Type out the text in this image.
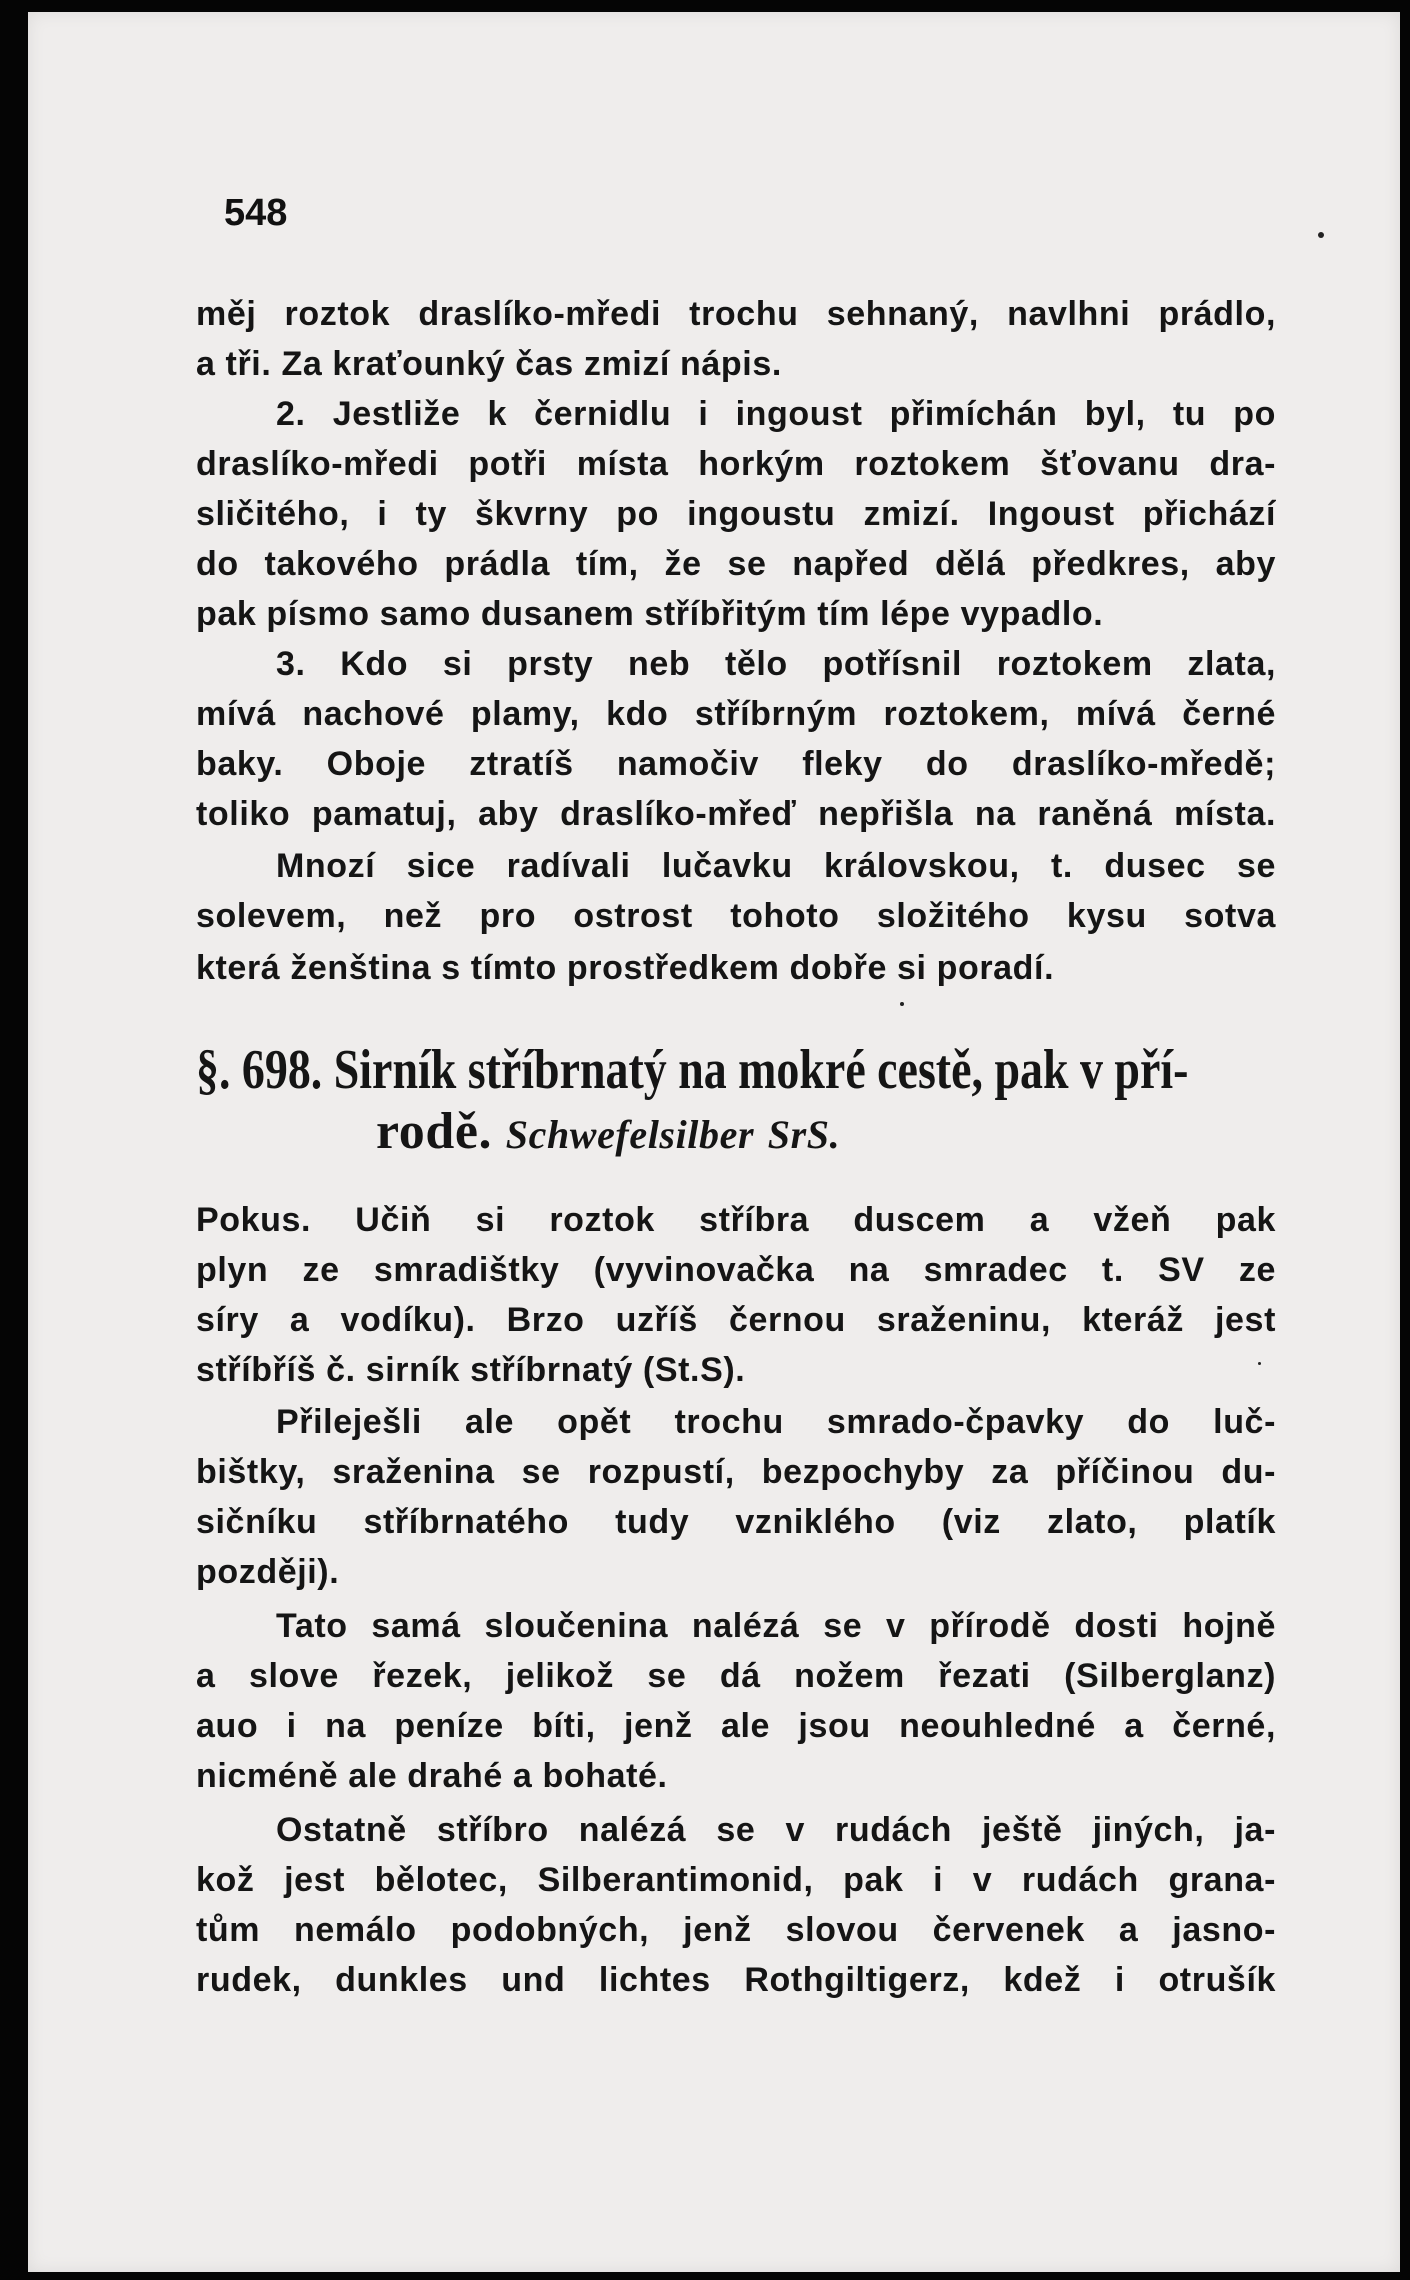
548
měj roztok draslíko-mředi trochu sehnaný, navlhni prádlo,
a tři. Za kraťounký čas zmizí nápis.
2. Jestliže k černidlu i ingoust přimíchán byl, tu po
draslíko-mředi potři místa horkým roztokem šťovanu dra-
sličitého, i ty škvrny po ingoustu zmizí. Ingoust přichází
do takového prádla tím, že se napřed dělá předkres, aby
pak písmo samo dusanem stříbřitým tím lépe vypadlo.
3. Kdo si prsty neb tělo potřísnil roztokem zlata,
mívá nachové plamy, kdo stříbrným roztokem, mívá černé
baky. Oboje ztratíš namočiv fleky do draslíko-mředě;
toliko pamatuj, aby draslíko-mřeď nepřišla na raněná místa.
Mnozí sice radívali lučavku královskou, t. dusec se
solevem, než pro ostrost tohoto složitého kysu sotva
která ženština s tímto prostředkem dobře si poradí.
§. 698. Sirník stříbrnatý na mokré cestě, pak v pří-
rodě. Schwefelsilber SrS.
Pokus. Učiň si roztok stříbra duscem a vžeň pak
plyn ze smradištky (vyvinovačka na smradec t. SV ze
síry a vodíku). Brzo uzříš černou sraženinu, kteráž jest
stříbříš č. sirník stříbrnatý (St.S).
Přileješli ale opět trochu smrado-čpavky do luč-
bištky, sraženina se rozpustí, bezpochyby za příčinou du-
sičníku stříbrnatého tudy vzniklého (viz zlato, platík
později).
Tato samá sloučenina nalézá se v přírodě dosti hojně
a slove řezek, jelikož se dá nožem řezati (Silberglanz)
auo i na peníze bíti, jenž ale jsou neouhledné a černé,
nicméně ale drahé a bohaté.
Ostatně stříbro nalézá se v rudách ještě jiných, ja-
kož jest bělotec, Silberantimonid, pak i v rudách grana-
tům nemálo podobných, jenž slovou červenek a jasno-
rudek, dunkles und lichtes Rothgiltigerz, kdež i otrušík
